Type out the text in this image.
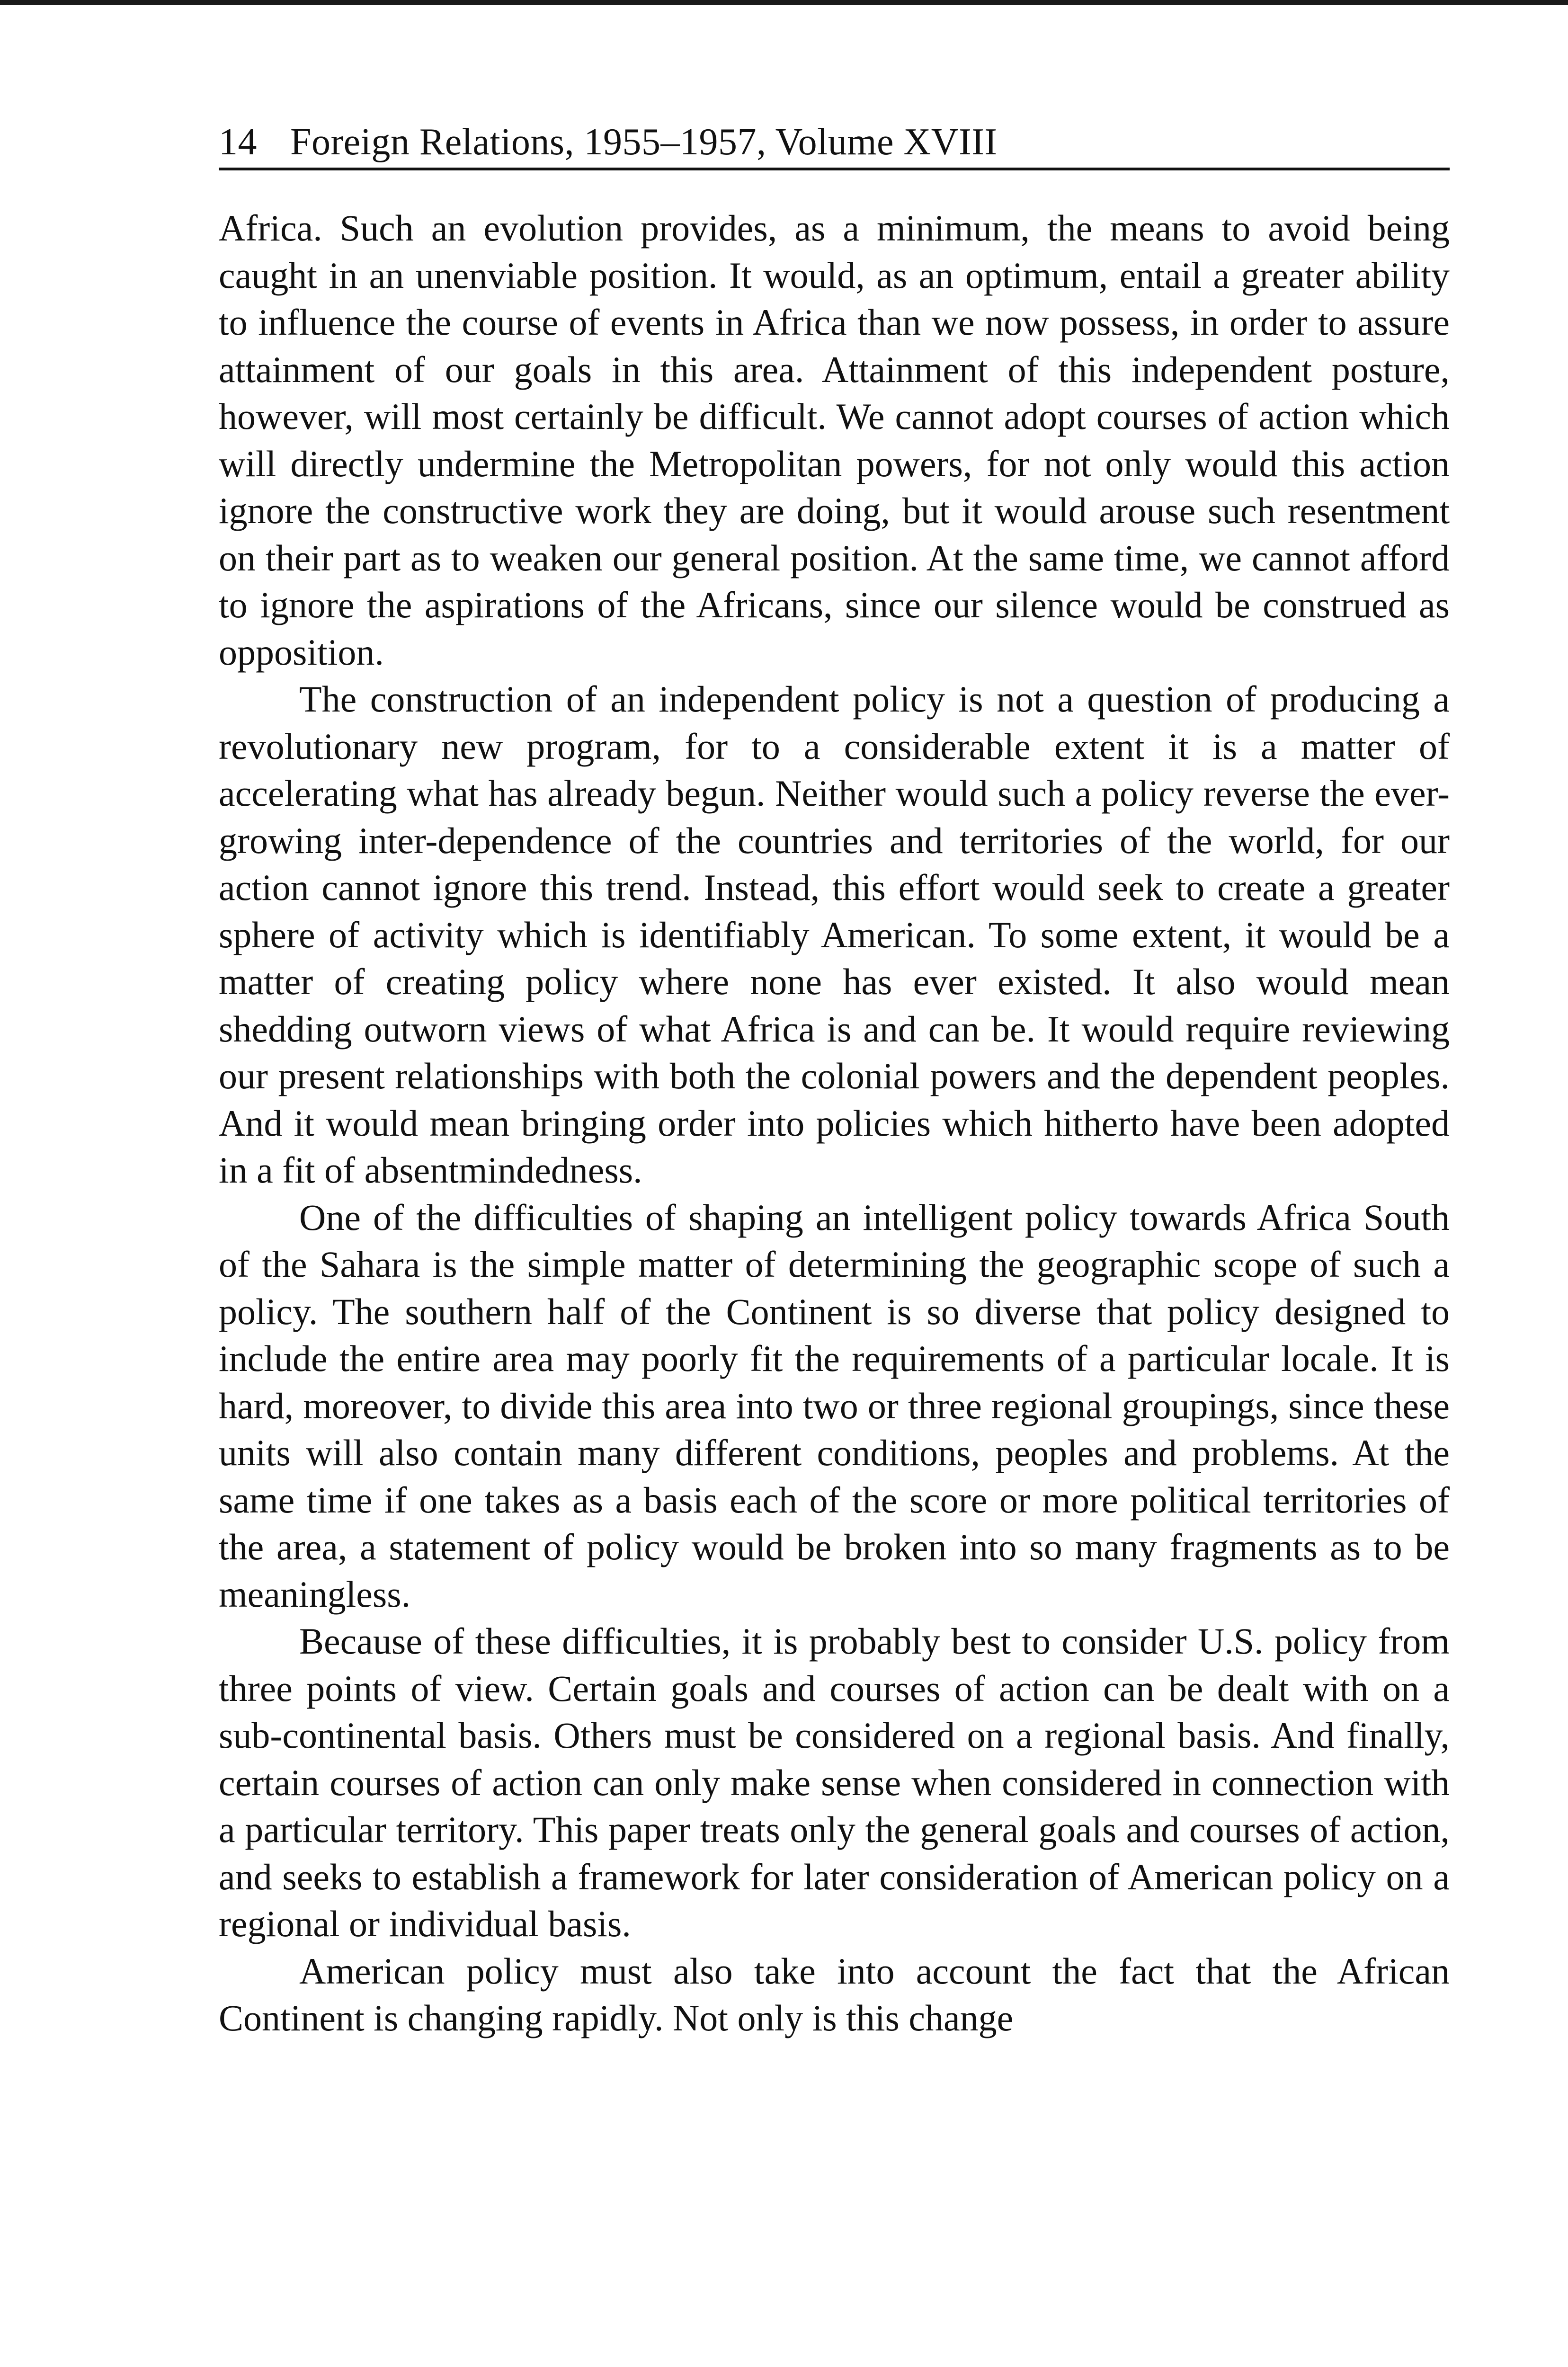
14 Foreign Relations, 1955–1957, Volume XVIII

Africa. Such an evolution provides, as a minimum, the means to avoid being caught in an unenviable position. It would, as an optimum, entail a greater ability to influence the course of events in Africa than we now possess, in order to assure attainment of our goals in this area. Attainment of this independent posture, however, will most certainly be difficult. We cannot adopt courses of action which will directly undermine the Metropolitan powers, for not only would this action ignore the constructive work they are doing, but it would arouse such resentment on their part as to weaken our general position. At the same time, we cannot afford to ignore the aspirations of the Africans, since our silence would be construed as opposition.

The construction of an independent policy is not a question of producing a revolutionary new program, for to a considerable extent it is a matter of accelerating what has already begun. Neither would such a policy reverse the ever-growing inter-dependence of the countries and territories of the world, for our action cannot ignore this trend. Instead, this effort would seek to create a greater sphere of activity which is identifiably American. To some extent, it would be a matter of creating policy where none has ever existed. It also would mean shedding outworn views of what Africa is and can be. It would require reviewing our present relationships with both the colonial powers and the dependent peoples. And it would mean bringing order into policies which hitherto have been adopted in a fit of absentmindedness.

One of the difficulties of shaping an intelligent policy towards Africa South of the Sahara is the simple matter of determining the geographic scope of such a policy. The southern half of the Continent is so diverse that policy designed to include the entire area may poorly fit the requirements of a particular locale. It is hard, moreover, to divide this area into two or three regional groupings, since these units will also contain many different conditions, peoples and problems. At the same time if one takes as a basis each of the score or more political territories of the area, a statement of policy would be broken into so many fragments as to be meaningless.

Because of these difficulties, it is probably best to consider U.S. policy from three points of view. Certain goals and courses of action can be dealt with on a sub-continental basis. Others must be considered on a regional basis. And finally, certain courses of action can only make sense when considered in connection with a particular territory. This paper treats only the general goals and courses of action, and seeks to establish a framework for later consideration of American policy on a regional or individual basis.

American policy must also take into account the fact that the African Continent is changing rapidly. Not only is this change
